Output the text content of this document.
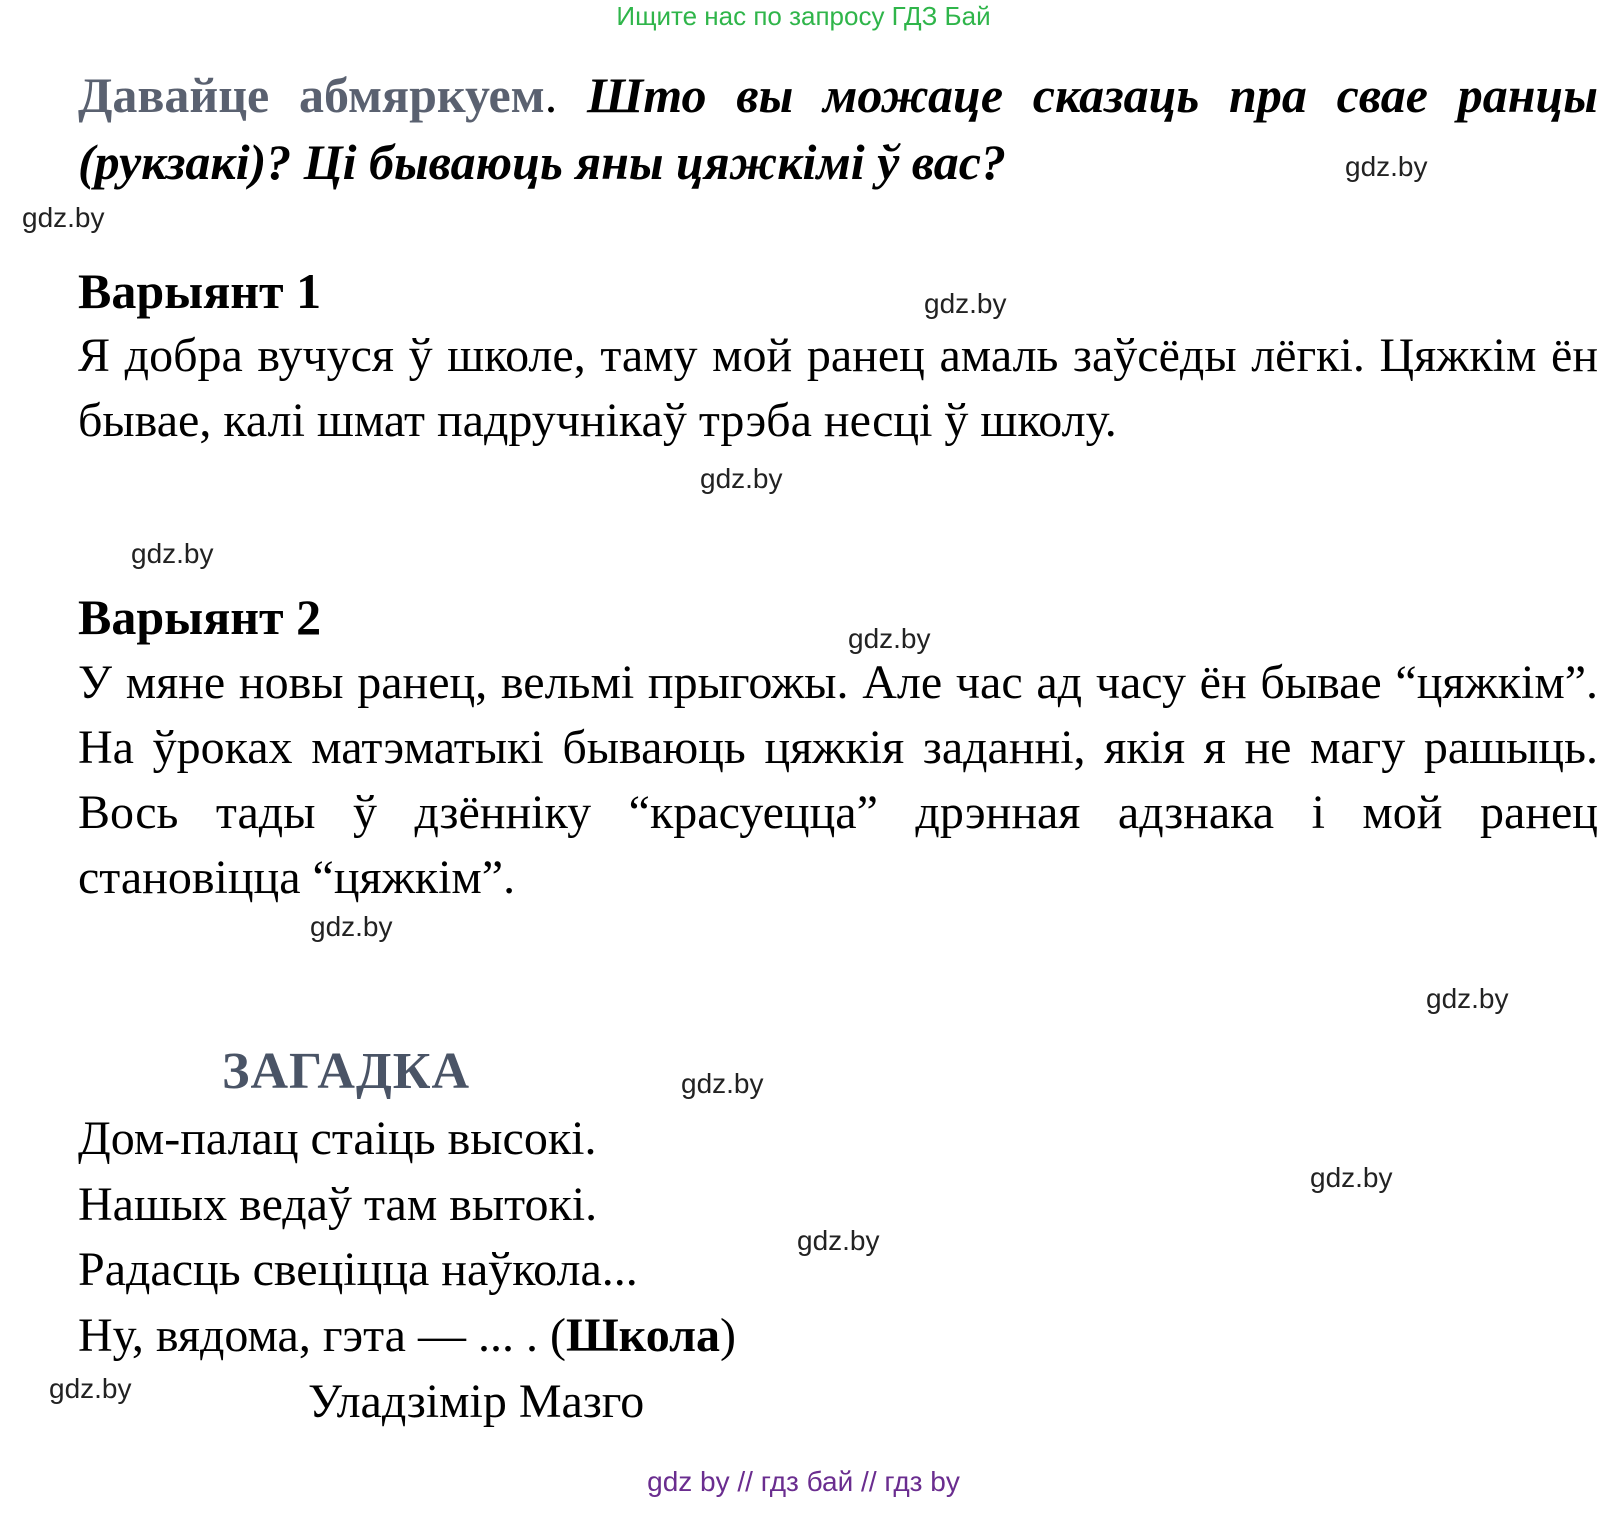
Ищите нас по запросу ГДЗ Бай
Давайце абмяркуем. Што вы можаце сказаць пра свае ранцы (рукзакі)? Ці бываюць яны цяжкімі ў вас?
Варыянт 1

Я добра вучуся ў школе, таму мой ранец амаль заўсёды лёгкі. Цяжкім ён бывае, калі шмат падручнікаў трэба несці ў школу.

Варыянт 2

У мяне новы ранец, вельмі прыгожы. Але час ад часу ён бывае “цяжкім”. На ўроках матэматыкі бываюць цяжкія заданні, якія я не магу рашыць. Вось тады ў дзённіку “красуецца” дрэнная адзнака і мой ранец становіцца “цяжкім”.

ЗАГАДКА
Дом-палац стаіць высокі.
Нашых ведаў там вытокі.
Радасць свеціцца наўкола...
Ну, вядома, гэта — ... . (Школа)
Уладзімір Мазго
gdz.by
gdz.by
gdz.by
gdz.by
gdz.by
gdz.by
gdz.by
gdz.by
gdz.by
gdz.by
gdz.by
gdz.by
gdz by // гдз бай // гдз by
